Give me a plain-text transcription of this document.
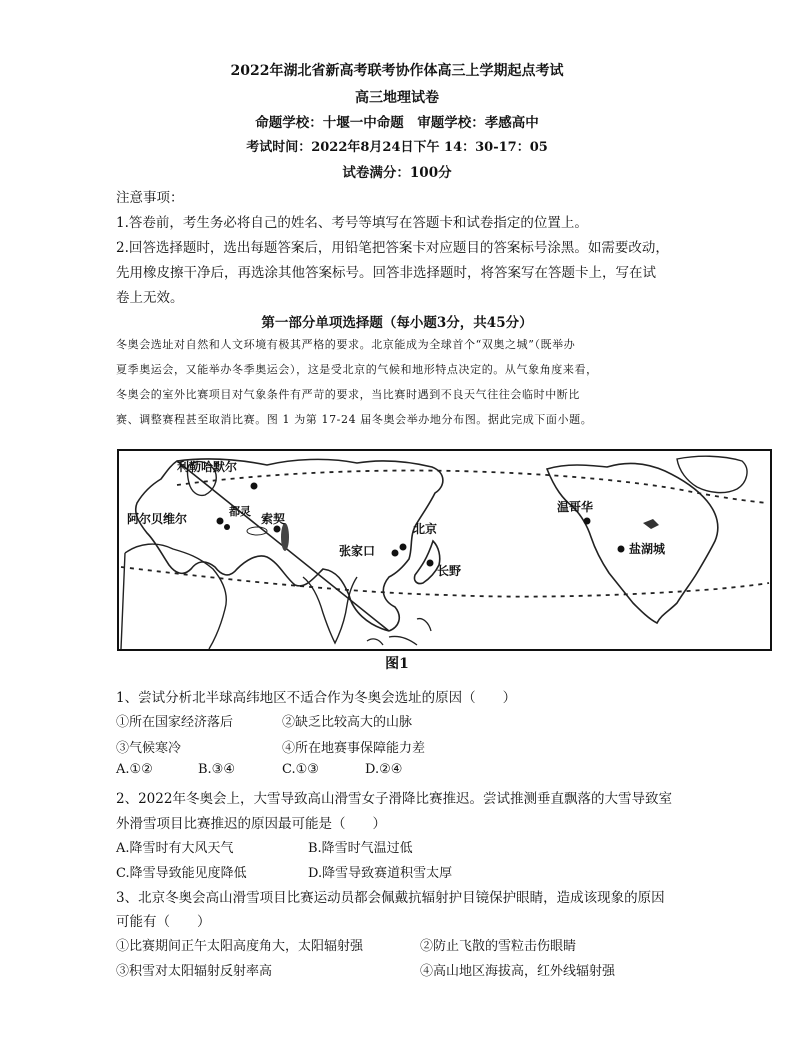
2022年湖北省新高考联考协作体高三上学期起点考试
高三地理试卷
命题学校：十堰一中命题　审题学校：孝感高中
考试时间：2022年8月24日下午 14：30-17：05
试卷满分：100分
注意事项：
1.答卷前，考生务必将自己的姓名、考号等填写在答题卡和试卷指定的位置上。
2.回答选择题时，选出每题答案后，用铅笔把答案卡对应题目的答案标号涂黑。如需要改动，
先用橡皮擦干净后，再选涂其他答案标号。回答非选择题时，将答案写在答题卡上，写在试
卷上无效。
第一部分单项选择题（每小题3分，共45分）
冬奥会选址对自然和人文环境有极其严格的要求。北京能成为全球首个“双奥之城”（既举办
夏季奥运会，又能举办冬季奥运会），这是受北京的气候和地形特点决定的。从气象角度来看，
冬奥会的室外比赛项目对气象条件有严苛的要求，当比赛时遇到不良天气往往会临时中断比
赛、调整赛程甚至取消比赛。图 1 为第 17-24 届冬奥会举办地分布图。据此完成下面小题。
利勒哈默尔
阿尔贝维尔
都灵
索契
北京
张家口
长野
温哥华
盐湖城
图1
1、尝试分析北半球高纬地区不适合作为冬奥会选址的原因（　　）
①所在国家经济落后	②缺乏比较高大的山脉
③气候寒冷	④所在地赛事保障能力差
A.①②	B.③④	C.①③	D.②④
2、2022年冬奥会上，大雪导致高山滑雪女子滑降比赛推迟。尝试推测垂直飘落的大雪导致室
外滑雪项目比赛推迟的原因最可能是（　　）
A.降雪时有大风天气	B.降雪时气温过低
C.降雪导致能见度降低	D.降雪导致赛道积雪太厚
3、北京冬奥会高山滑雪项目比赛运动员都会佩戴抗辐射护目镜保护眼睛，造成该现象的原因
可能有（　　）
①比赛期间正午太阳高度角大，太阳辐射强	②防止飞散的雪粒击伤眼睛
③积雪对太阳辐射反射率高	④高山地区海拔高，红外线辐射强
